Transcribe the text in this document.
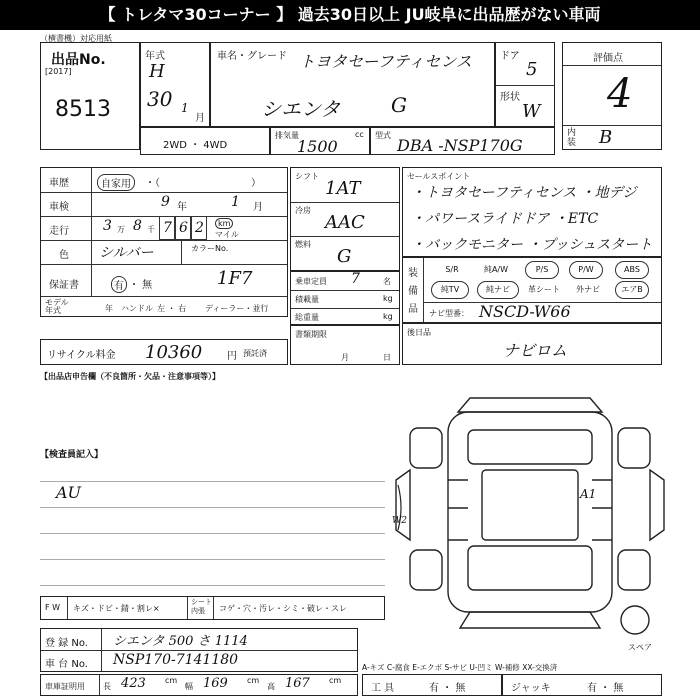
【 トレタマ30コーナー 】 過去30日以上 JU岐阜に出品歴がない車両
（横書機）対応用紙
出品No.
[2017]
8513
年式
H
30 1
月
車名・グレード トヨタセーフティセンス
シエンタ	G
ドア
5
形状
W
評価点
4
内装 B
2WD ・ 4WD
排気量	cc
1500
型式
DBA -NSP170G
車歴	自家用	・（	）
車検	9 年	1 月
走行 3 万 8 千 7 6 2	km
マイル
色 シルバー	カラーNo.
保証書	有 ・ 無	1F7
モデル
年式	年 ハンドル 左 ・ 右 ディーラー・並行
リサイクル料金 10360 円 預託済
シフト
1AT
冷房
AAC
燃料
G
乗車定員 7	名
積載量	kg
総重量	kg
書類期限
月	日
セールスポイント
・トヨタセーフティセンス ・地デジ
・パワースライドドア ・ETC
・バックモニター ・プッシュスタート
装
備
品
S/R	純A/W	P/S	P/W	ABS
純TV	純ナビ	革シート	外ナビ	エアB
ナビ型番： NSCD-W66
後日品
ナビロム
【出品店申告欄（不良箇所・欠品・注意事項等）】
【検査員記入】
AU	A1
W2
スペア
F W キズ・ドビ・錆・割レ×
シート
内張 コゲ・穴・汚レ・シミ・破レ・スレ
登 録 No. シエンタ 500 さ 1114
車 台 No. NSP170-7141180	A-キズ C-腐食 E-エクボ S-サビ U-凹ミ W-補修 XX-交換済
車庫証明用 長 423 cm
幅 169 cm
高 167 cm
工 具	有 ・ 無	ジャッキ	有 ・ 無
